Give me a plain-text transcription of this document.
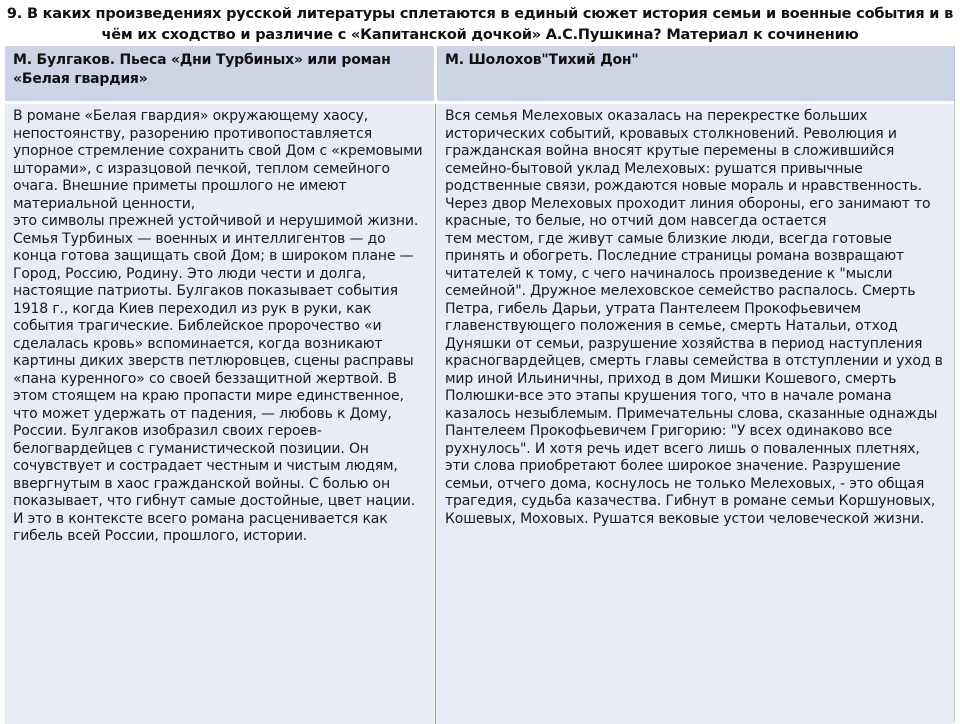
9. В каких произведениях русской литературы сплетаются в единый сюжет история семьи и военные события и в чём их сходство и различие с «Капитанской дочкой» А.С.Пушкина? Материал к сочинению
М. Булгаков. Пьеса «Дни Турбиных» или роман «Белая гвардия»
М. Шолохов"Тихий Дон"

В романе «Белая гвардия» окружающему хаосу, непостоянству, разорению противопоставляется упорное стремление сохранить свой Дом с «кремовыми шторами», с изразцовой печкой, теплом семейного очага. Внешние приметы прошлого не имеют материальной ценности,
это символы прежней устойчивой и нерушимой жизни. Семья Турбиных — военных и интеллигентов — до конца готова защищать свой Дом; в широком плане — Город, Россию, Родину. Это люди чести и долга, настоящие патриоты. Булгаков показывает события 1918 г., когда Киев переходил из рук в руки, как события трагические. Библейское пророчество «и сделалась кровь» вспоминается, когда возникают картины диких зверств петлюровцев, сцены расправы «пана куренного» со своей беззащитной жертвой. В этом стоящем на краю пропасти мире единственное, что может удержать от падения, — любовь к Дому, России. Булгаков изобразил своих героев-белогвардейцев с гуманистической позиции. Он сочувствует и сострадает честным и чистым людям, ввергнутым в хаос гражданской войны. С болью он показывает, что гибнут самые достойные, цвет нации. И это в контексте всего романа расценивается как гибель всей России, прошлого, истории.

Вся семья Мелеховых оказалась на перекрестке больших исторических событий, кровавых столкновений. Революция и гражданская война вносят крутые перемены в сложившийся семейно-бытовой уклад Мелеховых: рушатся привычные родственные связи, рождаются новые мораль и нравственность. Через двор Мелеховых проходит линия обороны, его занимают то красные, то белые, но отчий дом навсегда остается
тем местом, где живут самые близкие люди, всегда готовые принять и обогреть. Последние страницы романа возвращают читателей к тому, с чего начиналось произведение к "мысли семейной". Дружное мелеховское семейство распалось. Смерть Петра, гибель Дарьи, утрата Пантелеем Прокофьевичем главенствующего положения в семье, смерть Натальи, отход Дуняшки от семьи, разрушение хозяйства в период наступления красногвардейцев, смерть главы семейства в отступлении и уход в мир иной Ильиничны, приход в дом Мишки Кошевого, смерть Полюшки-все это этапы крушения того, что в начале романа казалось незыблемым. Примечательны слова, сказанные однажды Пантелеем Прокофьевичем Григорию: "У всех одинаково все рухнулось". И хотя речь идет всего лишь о поваленных плетнях, эти слова приобретают более широкое значение. Разрушение семьи, отчего дома, коснулось не только Мелеховых, - это общая трагедия, судьба казачества. Гибнут в романе семьи Коршуновых, Кошевых, Моховых. Рушатся вековые устои человеческой жизни.
